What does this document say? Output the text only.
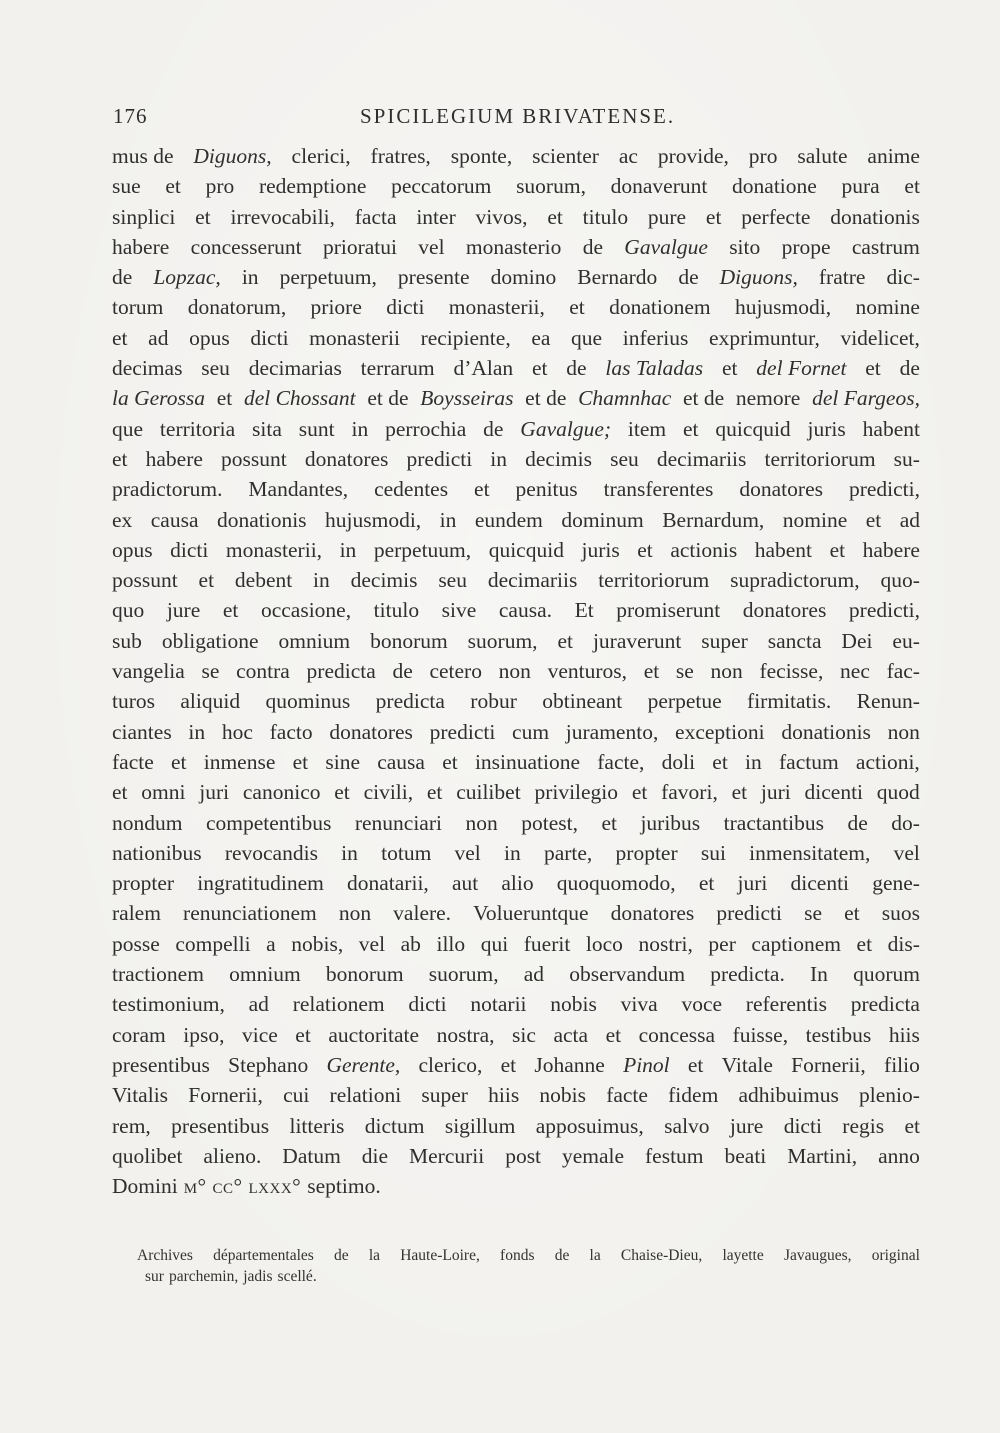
176	SPICILEGIUM BRIVATENSE.
mus de Diguons, clerici, fratres, sponte, scienter ac provide, pro salute anime
sue et pro redemptione peccatorum suorum, donaverunt donatione pura et
sinplici et irrevocabili, facta inter vivos, et titulo pure et perfecte donationis
habere concesserunt prioratui vel monasterio de Gavalgue sito prope castrum
de Lopzac, in perpetuum, presente domino Bernardo de Diguons, fratre dic-
torum donatorum, priore dicti monasterii, et donationem hujusmodi, nomine
et ad opus dicti monasterii recipiente, ea que inferius exprimuntur, videlicet,
decimas seu decimarias terrarum d’Alan et de las Taladas et del Fornet et de
la Gerossa et del Chossant et de Boysseiras et de Chamnhac et de nemore del Fargeos,
que territoria sita sunt in perrochia de Gavalgue; item et quicquid juris habent
et habere possunt donatores predicti in decimis seu decimariis territoriorum su-
pradictorum. Mandantes, cedentes et penitus transferentes donatores predicti,
ex causa donationis hujusmodi, in eundem dominum Bernardum, nomine et ad
opus dicti monasterii, in perpetuum, quicquid juris et actionis habent et habere
possunt et debent in decimis seu decimariis territoriorum supradictorum, quo-
quo jure et occasione, titulo sive causa. Et promiserunt donatores predicti,
sub obligatione omnium bonorum suorum, et juraverunt super sancta Dei eu-
vangelia se contra predicta de cetero non venturos, et se non fecisse, nec fac-
turos aliquid quominus predicta robur obtineant perpetue firmitatis. Renun-
ciantes in hoc facto donatores predicti cum juramento, exceptioni donationis non
facte et inmense et sine causa et insinuatione facte, doli et in factum actioni,
et omni juri canonico et civili, et cuilibet privilegio et favori, et juri dicenti quod
nondum competentibus renunciari non potest, et juribus tractantibus de do-
nationibus revocandis in totum vel in parte, propter sui inmensitatem, vel
propter ingratitudinem donatarii, aut alio quoquomodo, et juri dicenti gene-
ralem renunciationem non valere. Volueruntque donatores predicti se et suos
posse compelli a nobis, vel ab illo qui fuerit loco nostri, per captionem et dis-
tractionem omnium bonorum suorum, ad observandum predicta. In quorum
testimonium, ad relationem dicti notarii nobis viva voce referentis predicta
coram ipso, vice et auctoritate nostra, sic acta et concessa fuisse, testibus hiis
presentibus Stephano Gerente, clerico, et Johanne Pinol et Vitale Fornerii, filio
Vitalis Fornerii, cui relationi super hiis nobis facte fidem adhibuimus plenio-
rem, presentibus litteris dictum sigillum apposuimus, salvo jure dicti regis et
quolibet alieno. Datum die Mercurii post yemale festum beati Martini, anno
Domini m° cc° lxxx° septimo.
Archives départementales de la Haute-Loire, fonds de la Chaise-Dieu, layette Javaugues, original
sur parchemin, jadis scellé.
